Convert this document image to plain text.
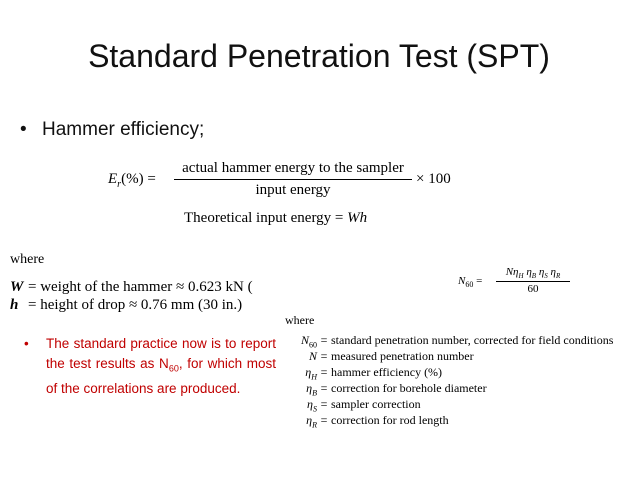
Standard Penetration Test (SPT)
• Hammer efficiency;
$E_r(\%)$ =
actual hammer energy to the sampler
input energy
× 100
Theoretical input energy = Wh
where
W = weight of the hammer ≈ 0.623 kN (
h = height of drop ≈ 0.76 mm (30 in.)
$N_{60}$ =
$N\eta_H$ $\eta_B$ $\eta_S$ $\eta_R$
60
• The standard practice now is to report the test results as $N_{60}$, for which most of the correlations are produced.
where
$N_{60}$ = standard penetration number, corrected for field conditions
N = measured penetration number
$\eta_H$ = hammer efficiency (%)
$\eta_B$ = correction for borehole diameter
$\eta_S$ = sampler correction
$\eta_R$ = correction for rod length
